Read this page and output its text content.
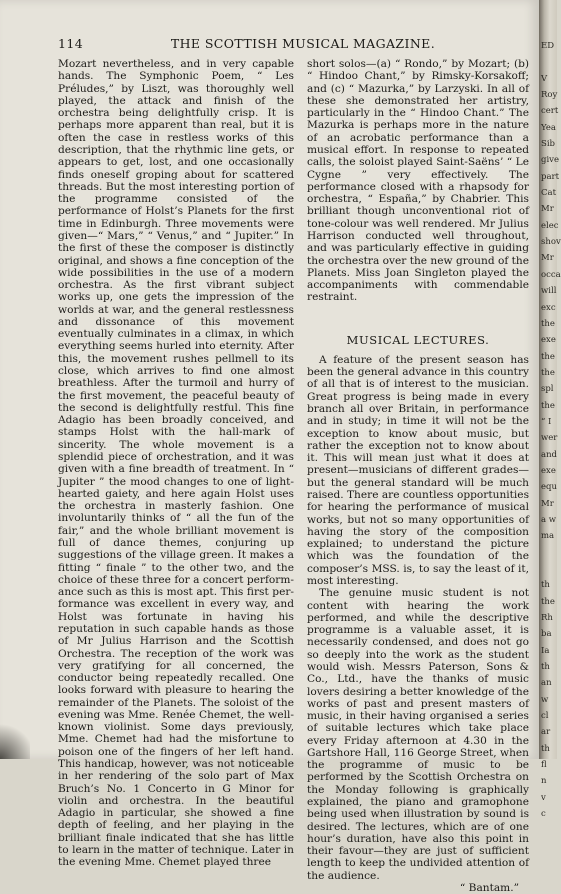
114	THE SCOTTISH MUSICAL MAGAZINE.

Mozart nevertheless, and in very capable hands. The Symphonic Poem, “ Les Préludes,” by Liszt, was thoroughly well played, the attack and finish of the orchestra being delightfully crisp. It is perhaps more apparent than real, but it is often the case in restless works of this description, that the rhythmic line gets, or appears to get, lost, and one occasionally finds oneself groping about for scattered threads. But the most interesting portion of the programme consisted of the performance of Holst’s Planets for the first time in Edinburgh. Three movements were given—“ Mars,” “ Venus,” and “ Jupiter.” In the first of these the composer is distinctly original, and shows a fine conception of the wide possibilities in the use of a modern orchestra. As the first vibrant subject works up, one gets the impression of the worlds at war, and the general restlessness and dissonance of this movement eventually culminates in a climax, in which everything seems hurled into eternity. After this, the movement rushes pellmell to its close, which arrives to find one almost breathless. After the turmoil and hurry of the first movement, the peaceful beauty of the second is delightfully restful. This fine Adagio has been broadly conceived, and stamps Holst with the hall-mark of sincerity. The whole movement is a splendid piece of orchestration, and it was given with a fine breadth of treatment. In “ Jupiter ” the mood changes to one of lighthearted gaiety, and here again Holst uses the orchestra in masterly fashion. One involuntarily thinks of “ all the fun of the fair,” and the whole brilliant movement is full of dance themes, conjuring up suggestions of the village green. It makes a fitting “ finale ” to the other two, and the choice of these three for a concert performance such as this is most apt. This first performance was excellent in every way, and Holst was fortunate in having his reputation in such capable hands as those of Mr Julius Harrison and the Scottish Orchestra. The reception of the work was very gratifying for all concerned, the conductor being repeatedly recalled. One looks forward with pleasure to hearing the remainder of the Planets. The soloist of the evening was Mme. Renée Chemet, the well-known violinist. Some days previously, Mme. Chemet had had the misfortune to poison one of the fingers of her left hand. This handicap, however, was not noticeable in her rendering of the solo part of Max Bruch’s No. 1 Concerto in G Minor for violin and orchestra. In the beautiful Adagio in particular, she showed a fine depth of feeling, and her playing in the brilliant finale indicated that she has little to learn in the matter of technique. Later in the evening Mme. Chemet played three

short solos—(a) “ Rondo,” by Mozart; (b) “ Hindoo Chant,” by Rimsky-Korsakoff; and (c) “ Mazurka,” by Larzyski. In all of these she demonstrated her artistry, particularly in the “ Hindoo Chant.” The Mazurka is perhaps more in the nature of an acrobatic performance than a musical effort. In response to repeated calls, the soloist played Saint-Saëns’ “ Le Cygne ” very effectively. The performance closed with a rhapsody for orchestra, “ España,” by Chabrier. This brilliant though unconventional riot of tone-colour was well rendered. Mr Julius Harrison conducted well throughout, and was particularly effective in guiding the orchestra over the new ground of the Planets. Miss Joan Singleton played the accompaniments with commendable restraint.

MUSICAL LECTURES.

A feature of the present season has been the general advance in this country of all that is of interest to the musician. Great progress is being made in every branch all over Britain, in performance and in study; in time it will not be the exception to know about music, but rather the exception not to know about it. This will mean just what it does at present—musicians of different grades—but the general standard will be much raised. There are countless opportunities for hearing the performance of musical works, but not so many opportunities of having the story of the composition explained; to understand the picture which was the foundation of the composer’s MSS. is, to say the least of it, most interesting.

The genuine music student is not content with hearing the work performed, and while the descriptive programme is a valuable asset, it is necessarily condensed, and does not go so deeply into the work as the student would wish. Messrs Paterson, Sons & Co., Ltd., have the thanks of music lovers desiring a better knowledge of the works of past and present masters of music, in their having organised a series of suitable lectures which take place every Friday afternoon at 4.30 in the Gartshore Hall, 116 George Street, when the programme of music to be performed by the Scottish Orchestra on the Monday following is graphically explained, the piano and gramophone being used when illustration by sound is desired. The lectures, which are of one hour’s duration, have also this point in their favour—they are just of sufficient length to keep the undivided attention of the audience.

“ Bantam.”

ED

V
Roy
cert
Yea
Sib
give
part
Cat
Mr
elec
shov
Mr
occa
will
exc
the
exe
the
the
spl
the
“ I
wer
and
exe
equ
Mr
a w
ma

th
the
Rh
ba
Ia
th
an
w
cl
ar
th
fl
n
v
c
